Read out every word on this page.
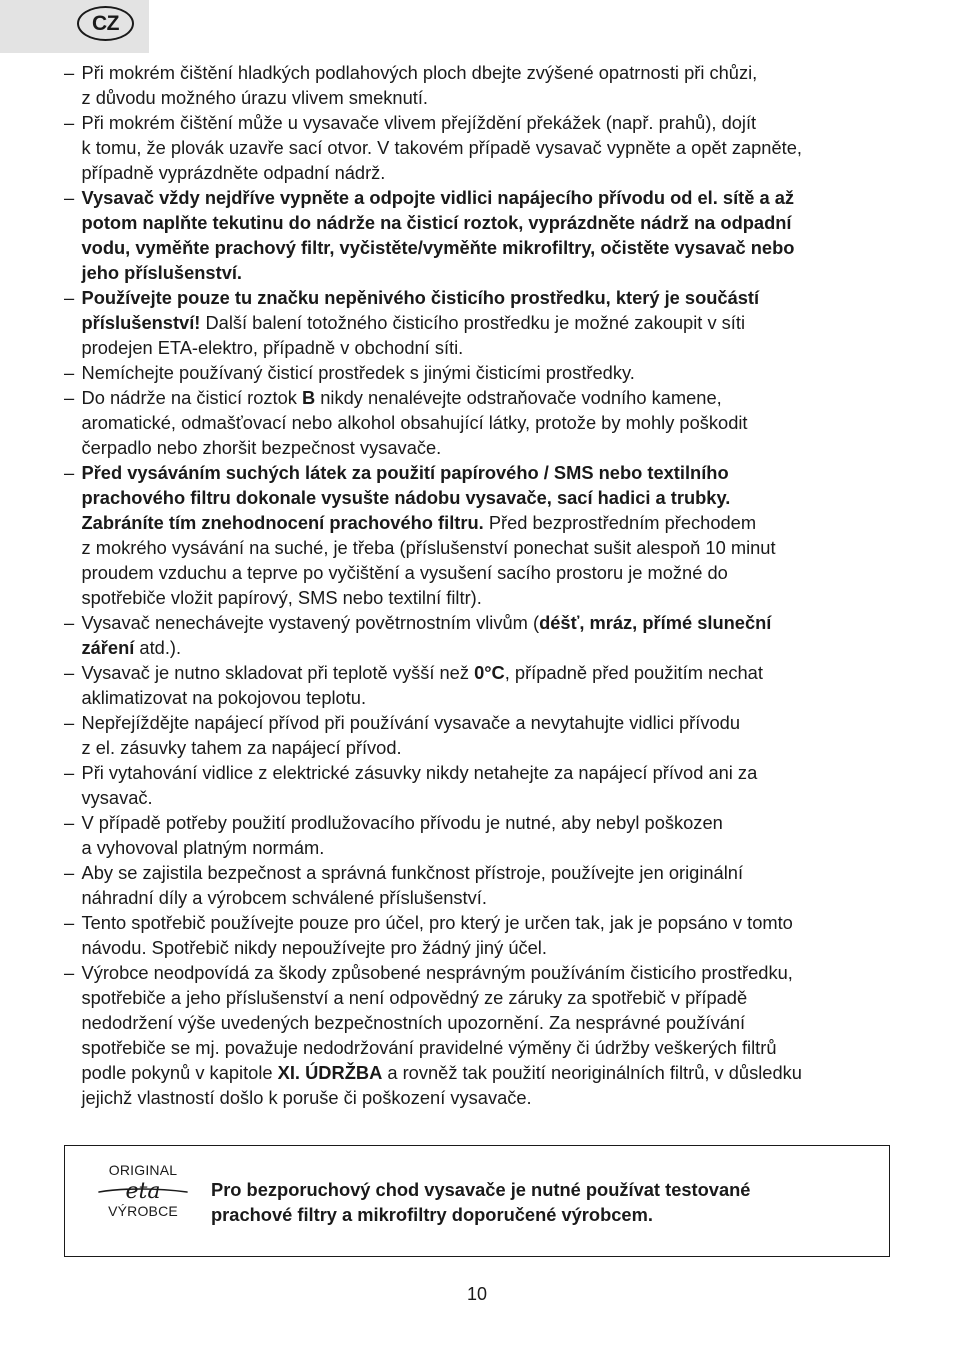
CZ
– Při mokrém čištění hladkých podlahových ploch dbejte zvýšené opatrnosti při chůzi,
z důvodu možného úrazu vlivem smeknutí.
– Při mokrém čištění může u vysavače vlivem přejíždění překážek (např. prahů), dojít
k tomu, že plovák uzavře sací otvor. V takovém případě vysavač vypněte a opět zapněte,
případně vyprázdněte odpadní nádrž.
– Vysavač vždy nejdříve vypněte a odpojte vidlici napájecího přívodu od el. sítě a až
potom naplňte tekutinu do nádrže na čisticí roztok, vyprázdněte nádrž na odpadní
vodu, vyměňte prachový filtr, vyčistěte/vyměňte mikrofiltry, očistěte vysavač nebo
jeho příslušenství.
– Používejte pouze tu značku nepěnivého čisticího prostředku, který je součástí
příslušenství! Další balení totožného čisticího prostředku je možné zakoupit v síti
prodejen ETA-elektro, případně v obchodní síti.
– Nemíchejte používaný čisticí prostředek s jinými čisticími prostředky.
– Do nádrže na čisticí roztok B nikdy nenalévejte odstraňovače vodního kamene,
aromatické, odmašťovací nebo alkohol obsahující látky, protože by mohly poškodit
čerpadlo nebo zhoršit bezpečnost vysavače.
– Před vysáváním suchých látek za použití papírového / SMS nebo textilního
prachového filtru dokonale vysušte nádobu vysavače, sací hadici a trubky.
Zabráníte tím znehodnocení prachového filtru. Před bezprostředním přechodem
z mokrého vysávání na suché, je třeba (příslušenství ponechat sušit alespoň 10 minut
proudem vzduchu a teprve po vyčištění a vysušení sacího prostoru je možné do
spotřebiče vložit papírový, SMS nebo textilní filtr).
– Vysavač nenechávejte vystavený povětrnostním vlivům (déšť, mráz, přímé sluneční
záření atd.).
– Vysavač je nutno skladovat při teplotě vyšší než 0°C, případně před použitím nechat
aklimatizovat na pokojovou teplotu.
– Nepřejíždějte napájecí přívod při používání vysavače a nevytahujte vidlici přívodu
z el. zásuvky tahem za napájecí přívod.
– Při vytahování vidlice z elektrické zásuvky nikdy netahejte za napájecí přívod ani za
vysavač.
– V případě potřeby použití prodlužovacího přívodu je nutné, aby nebyl poškozen
a vyhovoval platným normám.
– Aby se zajistila bezpečnost a správná funkčnost přístroje, používejte jen originální
náhradní díly a výrobcem schválené příslušenství.
– Tento spotřebič používejte pouze pro účel, pro který je určen tak, jak je popsáno v tomto
návodu. Spotřebič nikdy nepoužívejte pro žádný jiný účel.
– Výrobce neodpovídá za škody způsobené nesprávným používáním čisticího prostředku,
spotřebiče a jeho příslušenství a není odpovědný ze záruky za spotřebič v případě
nedodržení výše uvedených bezpečnostních upozornění. Za nesprávné používání
spotřebiče se mj. považuje nedodržování pravidelné výměny či údržby veškerých filtrů
podle pokynů v kapitole XI. ÚDRŽBA a rovněž tak použití neoriginálních filtrů, v důsledku
jejichž vlastností došlo k poruše či poškození vysavače.
ORIGINAL
eta
VÝROBCE
Pro bezporuchový chod vysavače je nutné používat testované
prachové filtry a mikrofiltry doporučené výrobcem.
10
